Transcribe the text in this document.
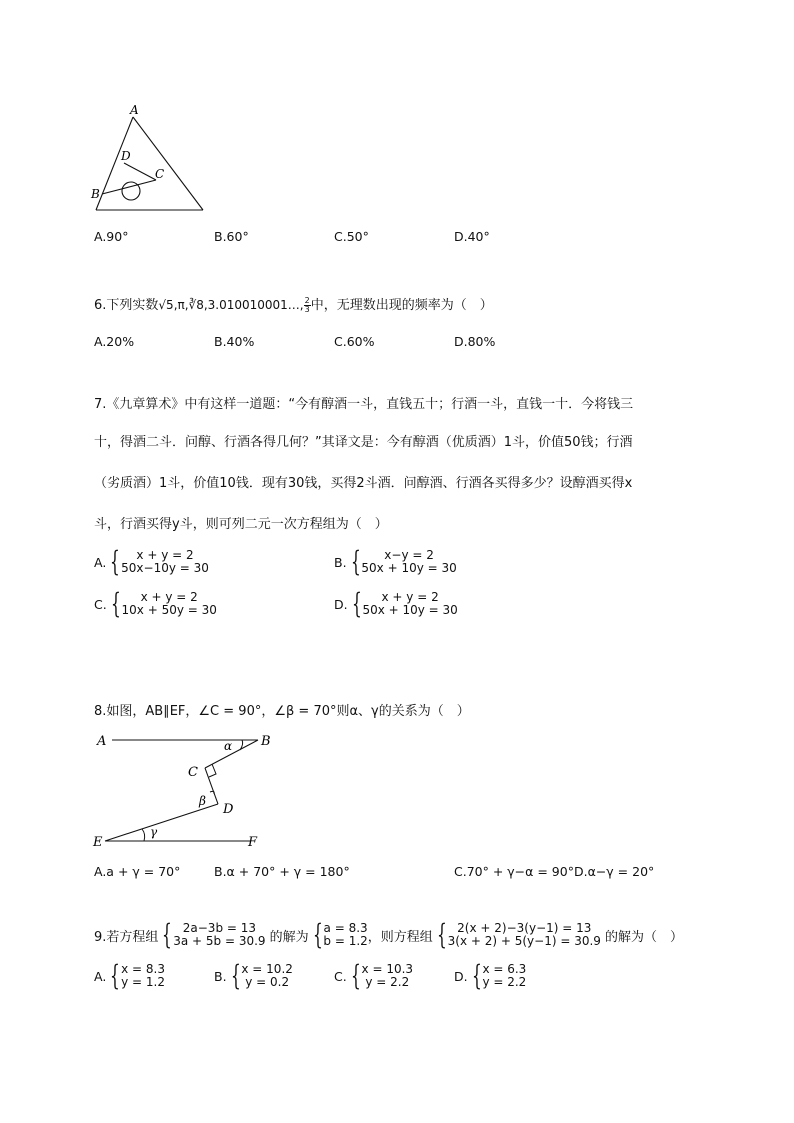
A
D
C
B
A.90°	B.60°	C.50°	D.40°
6.下列实数√5,π,∛8,3.010010001…, $\frac{2}{3}$ 中，无理数出现的频率为（　）
A.20%	B.40%	C.60%	D.80%
7.《九章算术》中有这样一道题：“今有醇酒一斗，直钱五十；行酒一斗，直钱一十．今将钱三
十，得酒二斗．问醇、行酒各得几何？”其译文是：今有醇酒（优质酒）1斗，价值50钱；行酒
（劣质酒）1斗，价值10钱．现有30钱，买得2斗酒．问醇酒、行酒各买得多少？设醇酒买得x
斗，行酒买得y斗，则可列二元一次方程组为（　）
A. {	x + y = 2
50x−10y = 30	B. {	x−y = 2
50x + 10y = 30
C. {	x + y = 2
10x + 50y = 30	D. {	x + y = 2
50x + 10y = 30
8.如图，AB∥EF，∠C = 90°，∠β = 70°则α、γ的关系为（　）
A	B
C
D
E	F
α
β
γ
A.a + γ = 70°	B.α + 70° + γ = 180°	C.70° + γ−α = 90° D.α−γ = 20°
9.若方程组 { 2a−3b = 13
3a + 5b = 30.9 的解为 { a = 8.3
b = 1.2 ，则方程组 { 2(x + 2)−3(y−1) = 13
3(x + 2) + 5(y−1) = 30.9 的解为（　）
A. { x = 8.3
y = 1.2	B. { x = 10.2
y = 0.2	C. { x = 10.3
y = 2.2	D. { x = 6.3
y = 2.2
